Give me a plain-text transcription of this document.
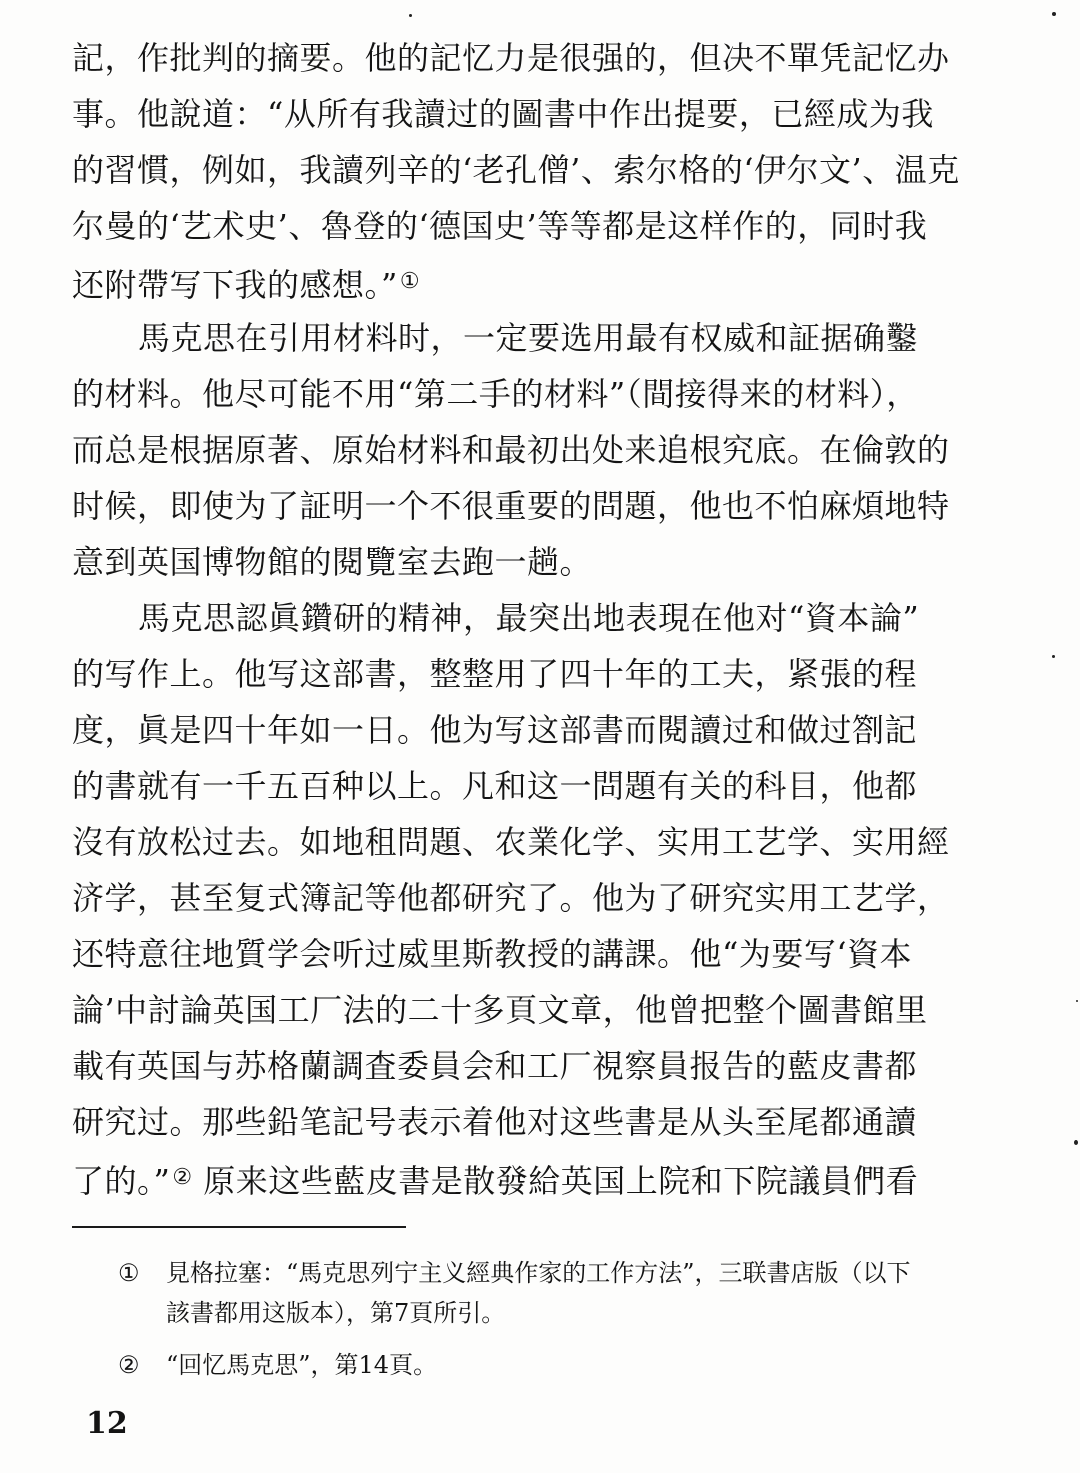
記，作批判的摘要。他的記忆力是很强的，但决不單凭記忆办
事。他說道：“从所有我讀过的圖書中作出提要，已經成为我
的習慣，例如，我讀列辛的‘老孔僧’、索尔格的‘伊尔文’、温克
尔曼的‘艺术史’、魯登的‘德国史’等等都是这样作的，同时我
还附帶写下我的感想。”①
馬克思在引用材料时，一定要选用最有权威和証据确鑿
的材料。他尽可能不用“第二手的材料”（間接得来的材料），
而总是根据原著、原始材料和最初出处来追根究底。在倫敦的
时候，即使为了証明一个不很重要的問題，他也不怕麻煩地特
意到英国博物館的閱覽室去跑一趟。
馬克思認眞鑽研的精神，最突出地表現在他对“資本論”
的写作上。他写这部書，整整用了四十年的工夫，紧張的程
度，眞是四十年如一日。他为写这部書而閱讀过和做过劄記
的書就有一千五百种以上。凡和这一問題有关的科目，他都
沒有放松过去。如地租問題、农業化学、实用工艺学、实用經
济学，甚至复式簿記等他都研究了。他为了研究实用工艺学，
还特意往地質学会听过威里斯教授的講課。他“为要写‘資本
論’中討論英国工厂法的二十多頁文章，他曾把整个圖書館里
載有英国与苏格蘭調査委員会和工厂視察員报告的藍皮書都
研究过。那些鉛笔記号表示着他对这些書是从头至尾都通讀
了的。”② 原来这些藍皮書是散發給英国上院和下院議員們看
① 見格拉塞：“馬克思列宁主义經典作家的工作方法”，三联書店版（以下
該書都用这版本），第7頁所引。
② “回忆馬克思”，第14頁。
12
